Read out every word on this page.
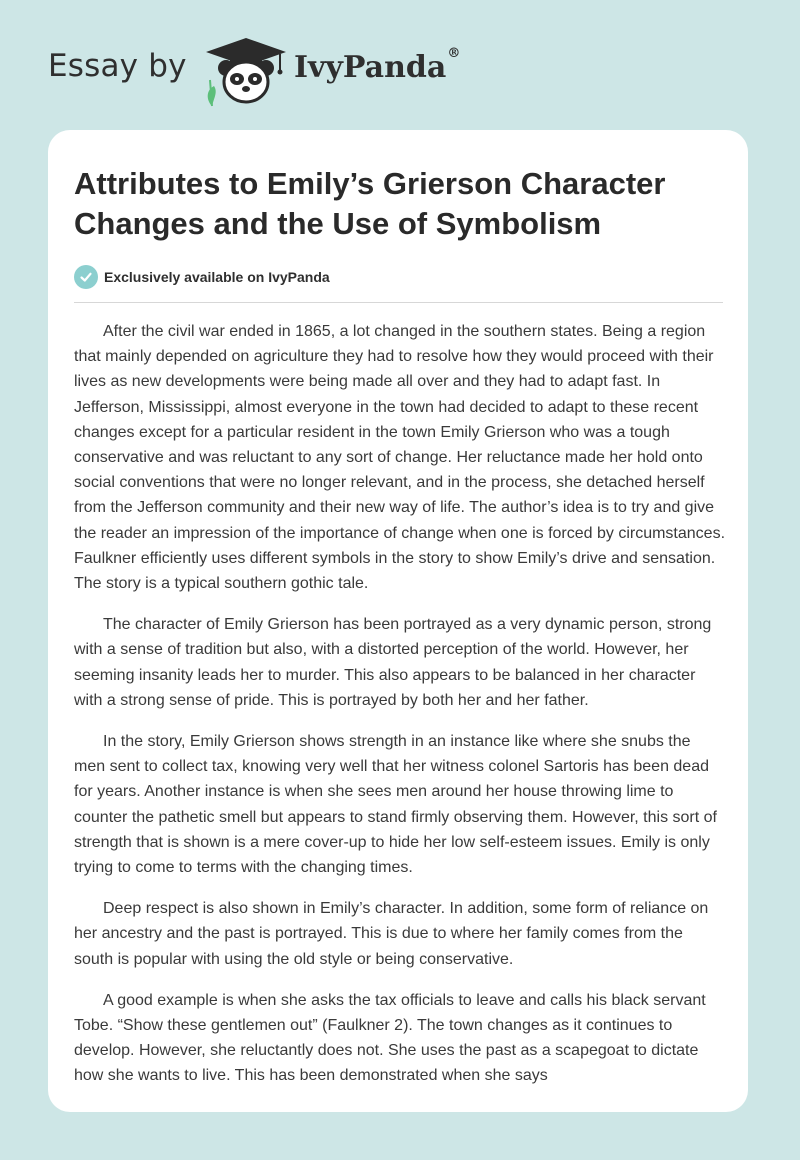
Essay by	IvyPanda®
Attributes to Emily’s Grierson Character Changes and the Use of Symbolism
Exclusively available on IvyPanda

After the civil war ended in 1865, a lot changed in the southern states. Being a region that mainly depended on agriculture they had to resolve how they would proceed with their lives as new developments were being made all over and they had to adapt fast. In Jefferson, Mississippi, almost everyone in the town had decided to adapt to these recent changes except for a particular resident in the town Emily Grierson who was a tough conservative and was reluctant to any sort of change. Her reluctance made her hold onto social conventions that were no longer relevant, and in the process, she detached herself from the Jefferson community and their new way of life. The author’s idea is to try and give the reader an impression of the importance of change when one is forced by circumstances. Faulkner efficiently uses different symbols in the story to show Emily’s drive and sensation. The story is a typical southern gothic tale.

The character of Emily Grierson has been portrayed as a very dynamic person, strong with a sense of tradition but also, with a distorted perception of the world. However, her seeming insanity leads her to murder. This also appears to be balanced in her character with a strong sense of pride. This is portrayed by both her and her father.

In the story, Emily Grierson shows strength in an instance like where she snubs the men sent to collect tax, knowing very well that her witness colonel Sartoris has been dead for years. Another instance is when she sees men around her house throwing lime to counter the pathetic smell but appears to stand firmly observing them. However, this sort of strength that is shown is a mere cover-up to hide her low self-esteem issues. Emily is only trying to come to terms with the changing times.

Deep respect is also shown in Emily’s character. In addition, some form of reliance on her ancestry and the past is portrayed. This is due to where her family comes from the south is popular with using the old style or being conservative.

A good example is when she asks the tax officials to leave and calls his black servant Tobe. “Show these gentlemen out” (Faulkner 2). The town changes as it continues to develop. However, she reluctantly does not. She uses the past as a scapegoat to dictate how she wants to live. This has been demonstrated when she says
